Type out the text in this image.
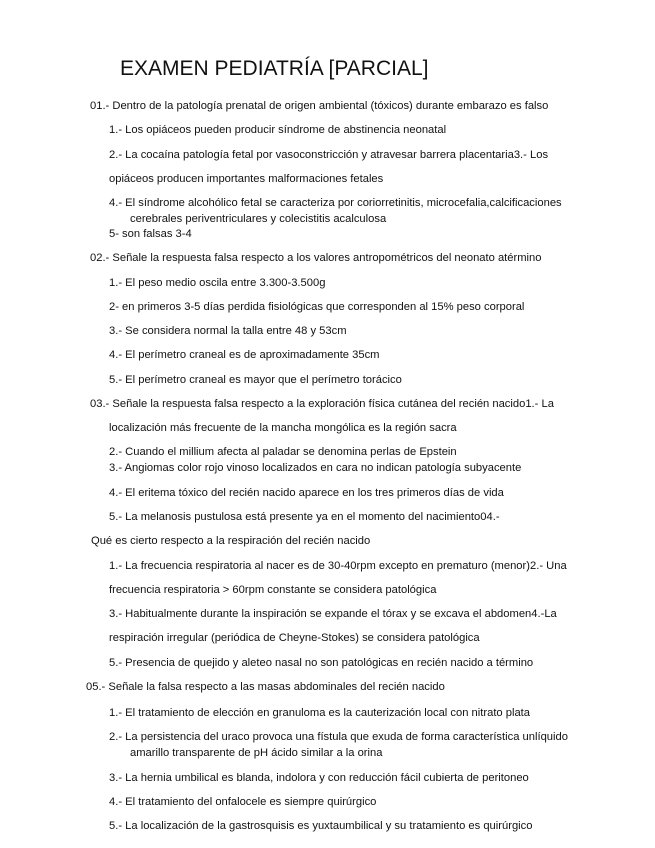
EXAMEN PEDIATRÍA [PARCIAL]
01.- Dentro de la patología prenatal de origen ambiental (tóxicos) durante embarazo es falso
1.- Los opiáceos pueden producir síndrome de abstinencia neonatal
2.- La cocaína patología fetal por vasoconstricción y atravesar barrera placentaria3.- Los
opiáceos producen importantes malformaciones fetales
4.- El síndrome alcohólico fetal se caracteriza por coriorretinitis, microcefalia,calcificaciones
cerebrales periventriculares y colecistitis acalculosa
5- son falsas 3-4
02.- Señale la respuesta falsa respecto a los valores antropométricos del neonato atérmino
1.- El peso medio oscila entre 3.300-3.500g
2- en primeros 3-5 días perdida fisiológicas que corresponden al 15% peso corporal
3.- Se considera normal la talla entre 48 y 53cm
4.- El perímetro craneal es de aproximadamente 35cm
5.- El perímetro craneal es mayor que el perímetro torácico
03.- Señale la respuesta falsa respecto a la exploración física cutánea del recién nacido1.- La
localización más frecuente de la mancha mongólica es la región sacra
2.- Cuando el millium afecta al paladar se denomina perlas de Epstein
3.- Angiomas color rojo vinoso localizados en cara no indican patología subyacente
4.- El eritema tóxico del recién nacido aparece en los tres primeros días de vida
5.- La melanosis pustulosa está presente ya en el momento del nacimiento04.-
Qué es cierto respecto a la respiración del recién nacido
1.- La frecuencia respiratoria al nacer es de 30-40rpm excepto en prematuro (menor)2.- Una
frecuencia respiratoria > 60rpm constante se considera patológica
3.- Habitualmente durante la inspiración se expande el tórax y se excava el abdomen4.-La
respiración irregular (periódica de Cheyne-Stokes) se considera patológica
5.- Presencia de quejido y aleteo nasal no son patológicas en recién nacido a término
05.- Señale la falsa respecto a las masas abdominales del recién nacido
1.- El tratamiento de elección en granuloma es la cauterización local con nitrato plata
2.- La persistencia del uraco provoca una fístula que exuda de forma característica unlíquido
amarillo transparente de pH ácido similar a la orina
3.- La hernia umbilical es blanda, indolora y con reducción fácil cubierta de peritoneo
4.- El tratamiento del onfalocele es siempre quirúrgico
5.- La localización de la gastrosquisis es yuxtaumbilical y su tratamiento es quirúrgico
